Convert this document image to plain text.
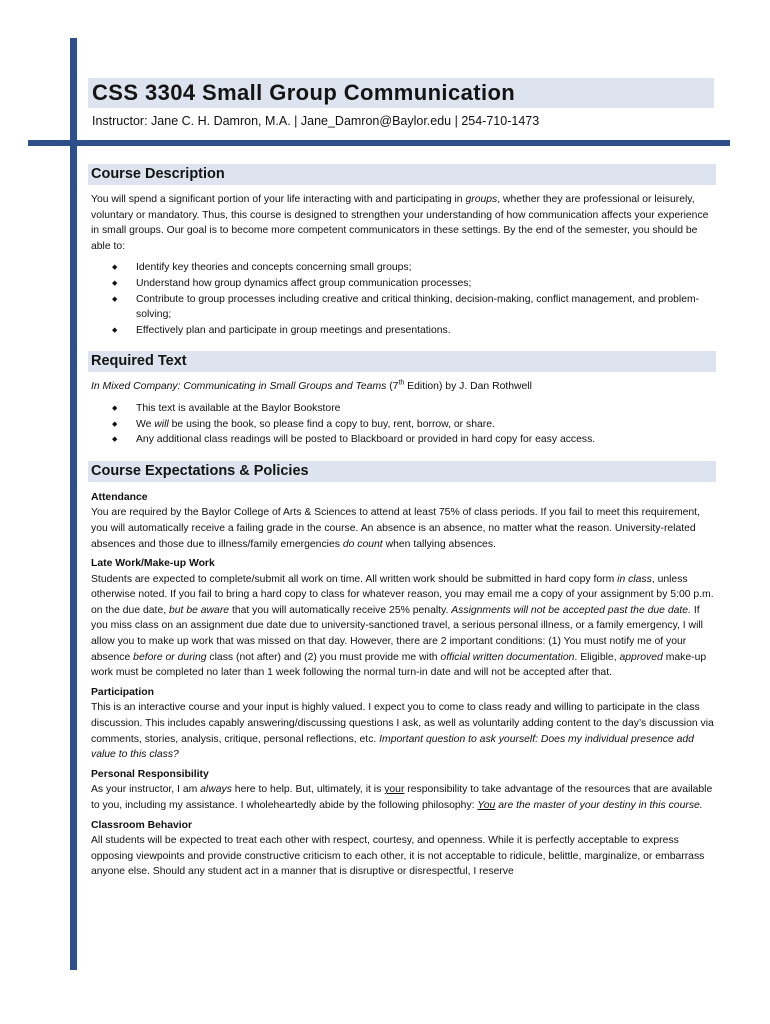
CSS 3304 Small Group Communication
Instructor: Jane C. H. Damron, M.A. | Jane_Damron@Baylor.edu | 254-710-1473
Course Description

You will spend a significant portion of your life interacting with and participating in groups, whether they are professional or leisurely, voluntary or mandatory. Thus, this course is designed to strengthen your understanding of how communication affects your experience in small groups. Our goal is to become more competent communicators in these settings. By the end of the semester, you should be able to:

◆ Identify key theories and concepts concerning small groups;
◆ Understand how group dynamics affect group communication processes;
◆ Contribute to group processes including creative and critical thinking, decision-making, conflict management, and problem-solving;
◆ Effectively plan and participate in group meetings and presentations.
Required Text

In Mixed Company: Communicating in Small Groups and Teams (7th Edition) by J. Dan Rothwell

◆ This text is available at the Baylor Bookstore
◆ We will be using the book, so please find a copy to buy, rent, borrow, or share.
◆ Any additional class readings will be posted to Blackboard or provided in hard copy for easy access.
Course Expectations & Policies
Attendance

You are required by the Baylor College of Arts & Sciences to attend at least 75% of class periods. If you fail to meet this requirement, you will automatically receive a failing grade in the course. An absence is an absence, no matter what the reason. University-related absences and those due to illness/family emergencies do count when tallying absences.

Late Work/Make-up Work

Students are expected to complete/submit all work on time. All written work should be submitted in hard copy form in class, unless otherwise noted. If you fail to bring a hard copy to class for whatever reason, you may email me a copy of your assignment by 5:00 p.m. on the due date, but be aware that you will automatically receive 25% penalty. Assignments will not be accepted past the due date. If you miss class on an assignment due date due to university-sanctioned travel, a serious personal illness, or a family emergency, I will allow you to make up work that was missed on that day. However, there are 2 important conditions: (1) You must notify me of your absence before or during class (not after) and (2) you must provide me with official written documentation. Eligible, approved make-up work must be completed no later than 1 week following the normal turn-in date and will not be accepted after that.

Participation

This is an interactive course and your input is highly valued. I expect you to come to class ready and willing to participate in the class discussion. This includes capably answering/discussing questions I ask, as well as voluntarily adding content to the day’s discussion via comments, stories, analysis, critique, personal reflections, etc. Important question to ask yourself: Does my individual presence add value to this class?

Personal Responsibility

As your instructor, I am always here to help. But, ultimately, it is your responsibility to take advantage of the resources that are available to you, including my assistance. I wholeheartedly abide by the following philosophy: You are the master of your destiny in this course.

Classroom Behavior

All students will be expected to treat each other with respect, courtesy, and openness. While it is perfectly acceptable to express opposing viewpoints and provide constructive criticism to each other, it is not acceptable to ridicule, belittle, marginalize, or embarrass anyone else. Should any student act in a manner that is disruptive or disrespectful, I reserve
